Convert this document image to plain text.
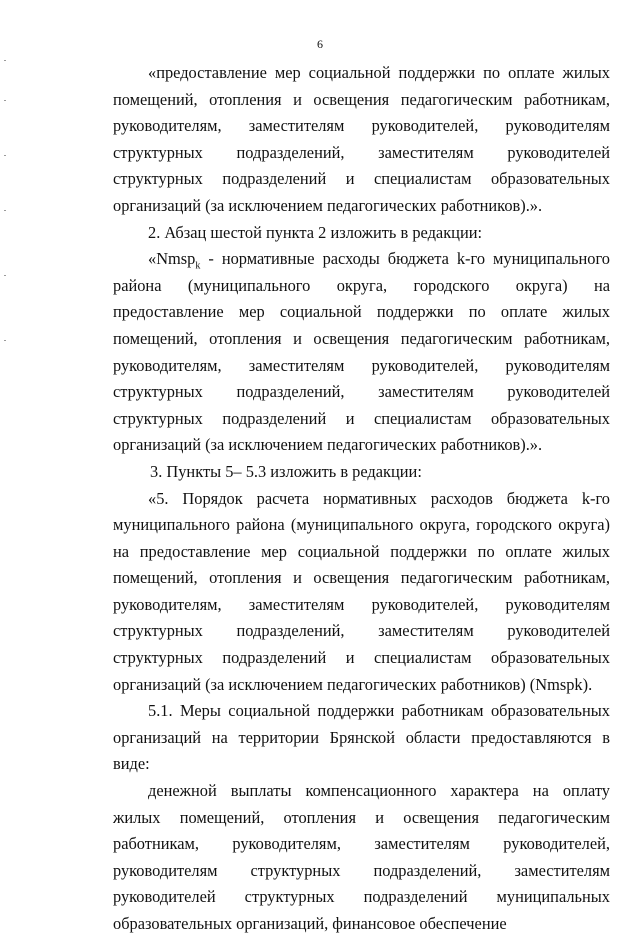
6

«предоставление мер социальной поддержки по оплате жилых помещений, отопления и освещения педагогическим работникам, руководителям, заместителям руководителей, руководителям структурных подразделений, заместителям руководителей структурных подразделений и специалистам образовательных организаций (за исключением педагогических работников).».

2. Абзац шестой пункта 2 изложить в редакции:

«Nmsp$_k$ - нормативные расходы бюджета k-го муниципального района (муниципального округа, городского округа) на предоставление мер социальной поддержки по оплате жилых помещений, отопления и освещения педагогическим работникам, руководителям, заместителям руководителей, руководителям структурных подразделений, заместителям руководителей структурных подразделений и специалистам образовательных организаций (за исключением педагогических работников).».

3. Пункты 5– 5.3 изложить в редакции:

«5. Порядок расчета нормативных расходов бюджета k-го муниципального района (муниципального округа, городского округа) на предоставление мер социальной поддержки по оплате жилых помещений, отопления и освещения педагогическим работникам, руководителям, заместителям руководителей, руководителям структурных подразделений, заместителям руководителей структурных подразделений и специалистам образовательных организаций (за исключением педагогических работников) (Nmspk).

5.1. Меры социальной поддержки работникам образовательных организаций на территории Брянской области предоставляются в виде:

денежной выплаты компенсационного характера на оплату жилых помещений, отопления и освещения педагогическим работникам, руководителям, заместителям руководителей, руководителям структурных подразделений, заместителям руководителей структурных подразделений муниципальных образовательных организаций, финансовое обеспечение
